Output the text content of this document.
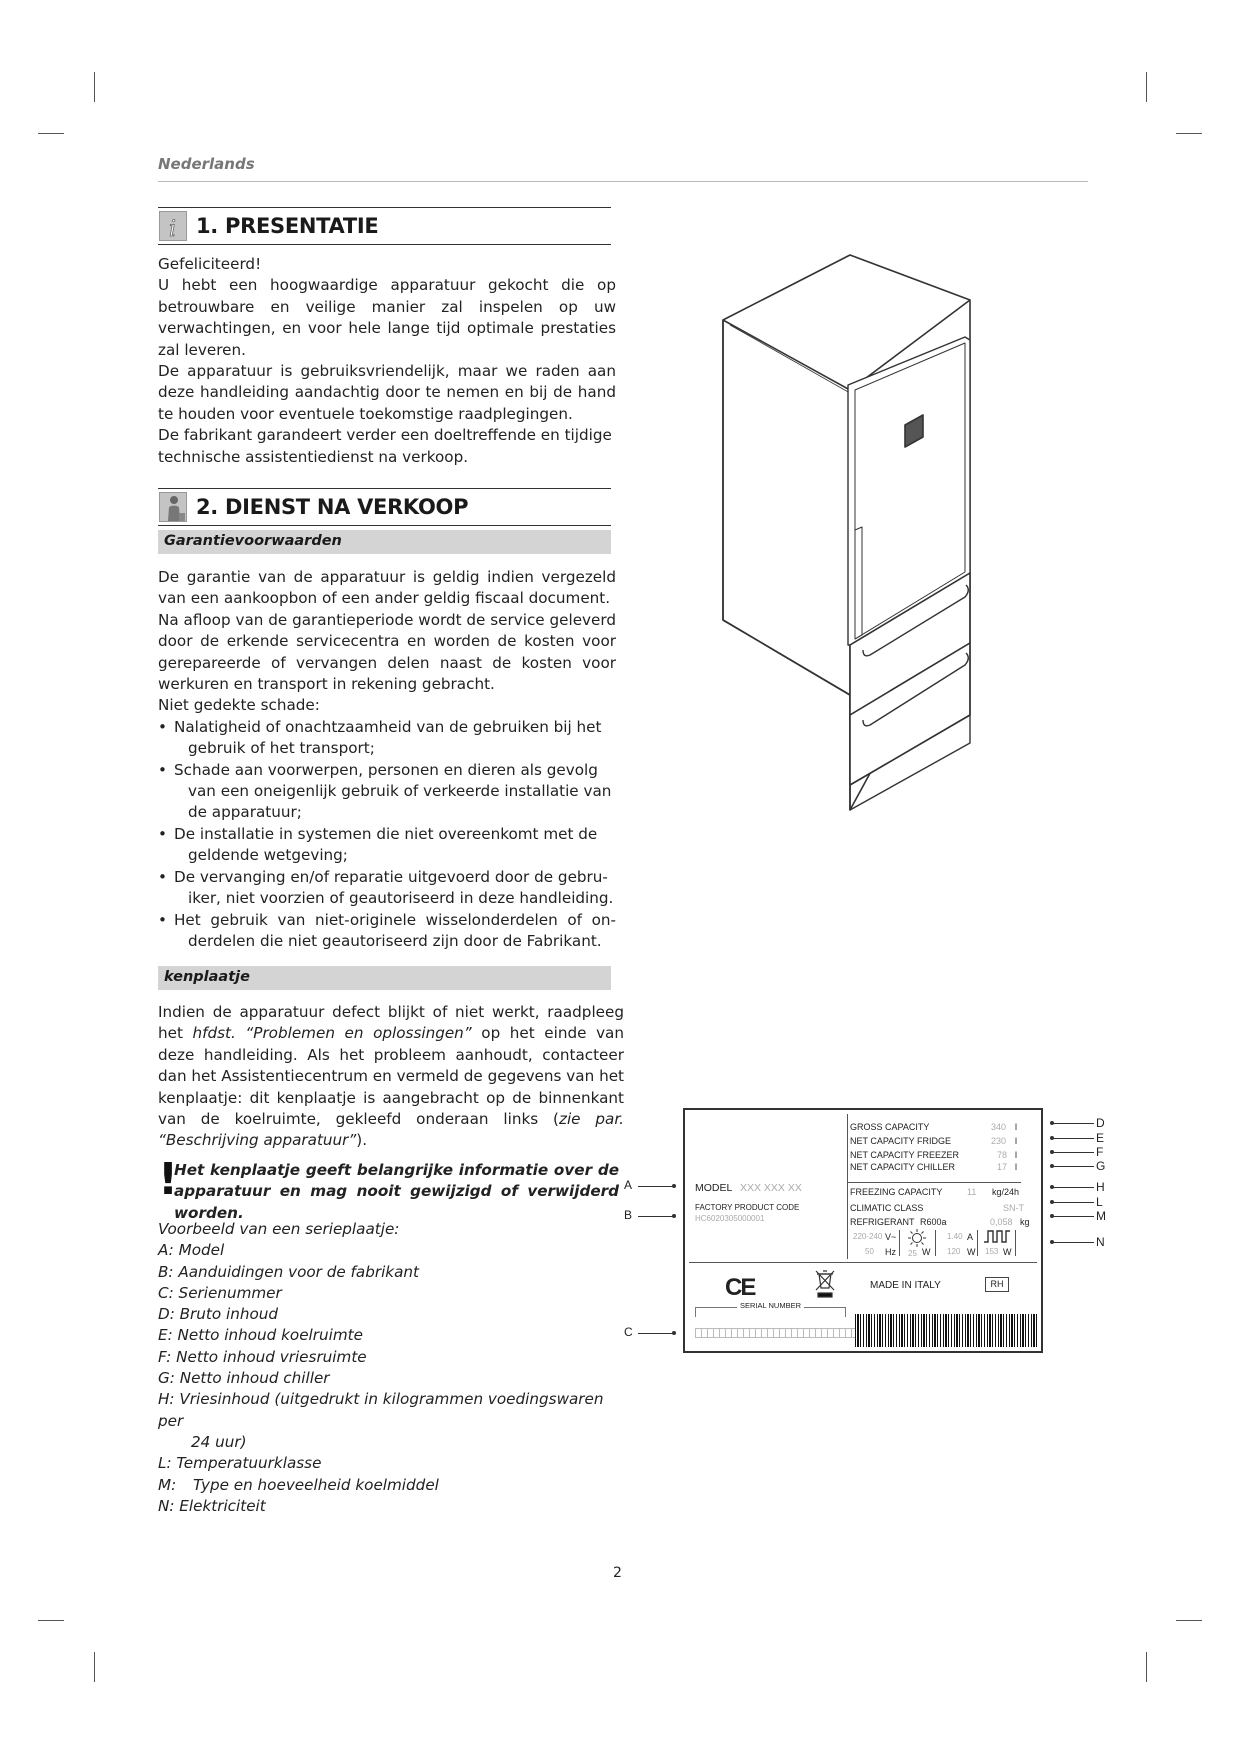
Nederlands
i 1. PRESENTATIE
Gefeliciteerd!
U hebt een hoogwaardige apparatuur gekocht die op betrouwbare en veilige manier zal inspelen op uw verwachtingen, en voor hele lange tijd optimale prestaties zal leveren.
De apparatuur is gebruiksvriendelijk, maar we raden aan deze handleiding aandachtig door te nemen en bij de hand te houden voor eventuele toekomstige raadplegingen.
De fabrikant garandeert verder een doeltreffende en tijdige technische assistentiedienst na verkoop.
2. DIENST NA VERKOOP
Garantievoorwaarden
De garantie van de apparatuur is geldig indien vergezeld van een aankoopbon of een ander geldig fiscaal document.
Na afloop van de garantieperiode wordt de service geleverd door de erkende servicecentra en worden de kosten voor gerepareerde of vervangen delen naast de kosten voor werkuren en transport in rekening gebracht.
Niet gedekte schade:
• Nalatigheid of onachtzaamheid van de gebruiken bij het gebruik of het transport;
• Schade aan voorwerpen, personen en dieren als gevolg van een oneigenlijk gebruik of verkeerde installatie van de apparatuur;
• De installatie in systemen die niet overeenkomt met de geldende wetgeving;
• De vervanging en/of reparatie uitgevoerd door de gebru-iker, niet voorzien of geautoriseerd in deze handleiding.
• Het gebruik van niet-originele wisselonderdelen of on-derdelen die niet geautoriseerd zijn door de Fabrikant.
kenplaatje
Indien de apparatuur defect blijkt of niet werkt, raadpleeg het hfdst. “Problemen en oplossingen” op het einde van deze handleiding. Als het probleem aanhoudt, contacteer dan het Assistentiecentrum en vermeld de gegevens van het kenplaatje: dit kenplaatje is aangebracht op de binnenkant van de koelruimte, gekleefd onderaan links (zie par. “Beschrijving apparatuur”).
!
Het kenplaatje geeft belangrijke informatie over de apparatuur en mag nooit gewijzigd of verwijderd worden.
Voorbeeld van een serieplaatje:
A: Model
B: Aanduidingen voor de fabrikant
C: Serienummer
D: Bruto inhoud
E: Netto inhoud koelruimte
F: Netto inhoud vriesruimte
G: Netto inhoud chiller
H: Vriesinhoud (uitgedrukt in kilogrammen voedingswaren per
24 uur)
L: Temperatuurklasse
M: Type en hoeveelheid koelmiddel
N: Elektriciteit
A
B
C
D
E
F
G
H
L
M
N
GROSS CAPACITY	340 l
NET CAPACITY FRIDGE	230 l
NET CAPACITY FREEZER	78 l
NET CAPACITY CHILLER	17 l
MODEL XXX XXX XX
FACTORY PRODUCT CODE
HC6020305000001
FREEZING CAPACITY	11 kg/24h
CLIMATIC CLASS	SN-T
REFRIGERANT R600a	0,058 kg
220-240 V~
50 Hz 25 W
1.40 A
120 W 153 W
CE	MADE IN ITALY	RH
SERIAL NUMBER
2
